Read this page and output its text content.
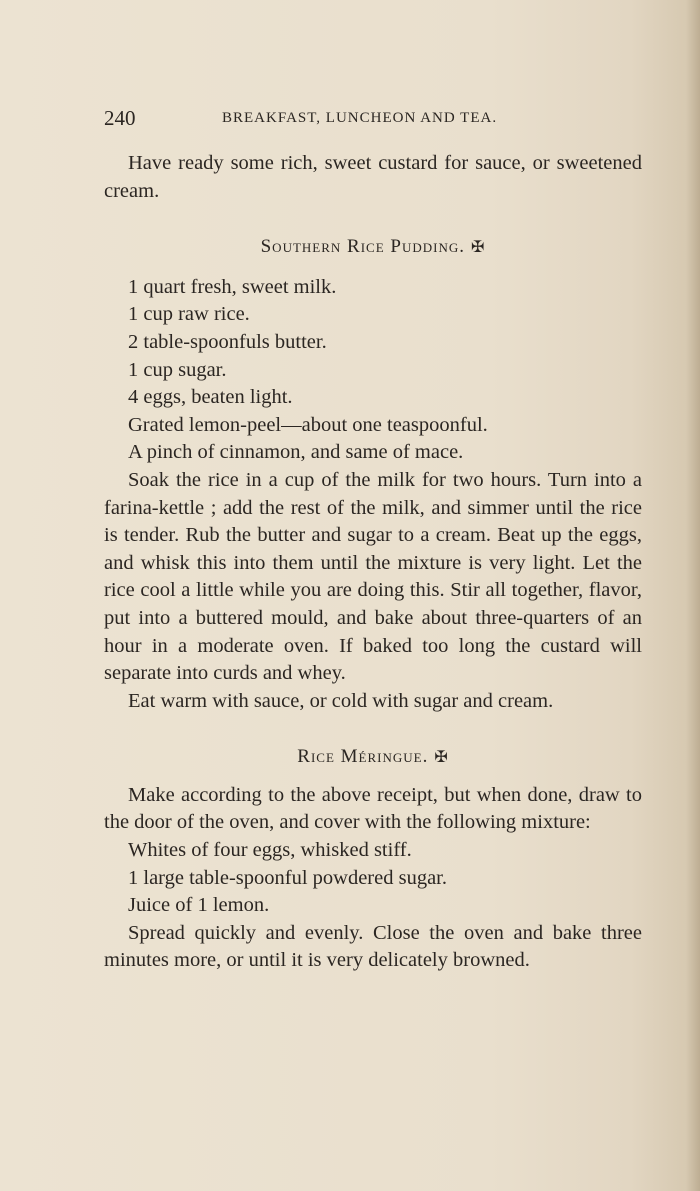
240	BREAKFAST, LUNCHEON AND TEA.

Have ready some rich, sweet custard for sauce, or sweetened cream.

Southern Rice Pudding. ✠

1 quart fresh, sweet milk.

1 cup raw rice.

2 table-spoonfuls butter.

1 cup sugar.

4 eggs, beaten light.

Grated lemon-peel—about one teaspoonful.

A pinch of cinnamon, and same of mace.

Soak the rice in a cup of the milk for two hours. Turn into a farina-kettle ; add the rest of the milk, and simmer until the rice is tender. Rub the butter and sugar to a cream. Beat up the eggs, and whisk this into them until the mixture is very light. Let the rice cool a little while you are doing this. Stir all together, flavor, put into a buttered mould, and bake about three-quarters of an hour in a moderate oven. If baked too long the custard will separate into curds and whey.

Eat warm with sauce, or cold with sugar and cream.

Rice Méringue. ✠

Make according to the above receipt, but when done, draw to the door of the oven, and cover with the following mixture:

Whites of four eggs, whisked stiff.

1 large table-spoonful powdered sugar.

Juice of 1 lemon.

Spread quickly and evenly. Close the oven and bake three minutes more, or until it is very delicately browned.
